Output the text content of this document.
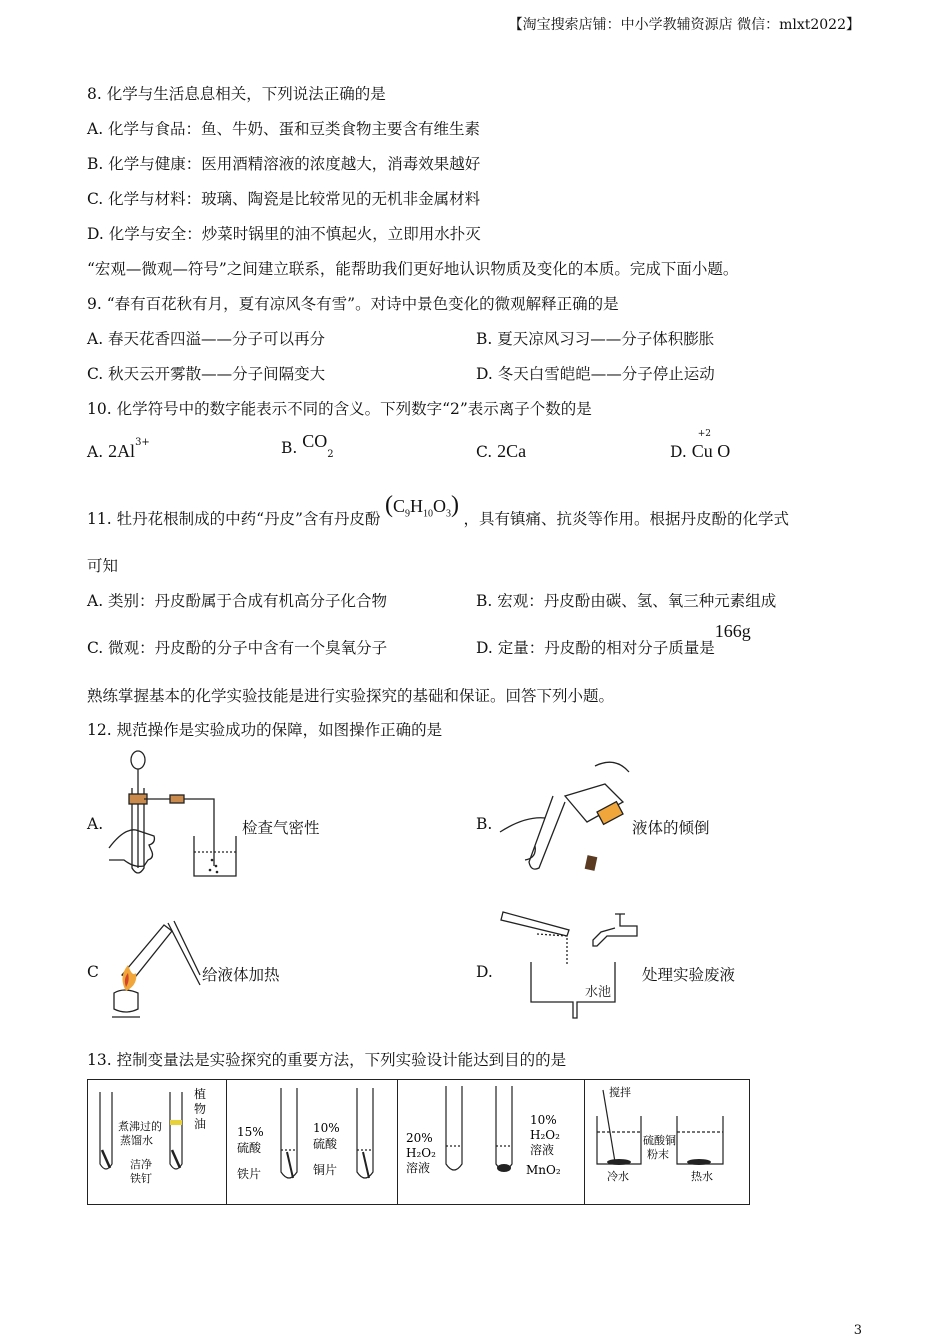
【淘宝搜索店铺：中小学教辅资源店 微信：mlxt2022】
8. 化学与生活息息相关，下列说法正确的是
A. 化学与食品：鱼、牛奶、蛋和豆类食物主要含有维生素
B. 化学与健康：医用酒精溶液的浓度越大，消毒效果越好
C. 化学与材料：玻璃、陶瓷是比较常见的无机非金属材料
D. 化学与安全：炒菜时锅里的油不慎起火，立即用水扑灭
“宏观—微观—符号”之间建立联系，能帮助我们更好地认识物质及变化的本质。完成下面小题。
9. “春有百花秋有月，夏有凉风冬有雪”。对诗中景色变化的微观解释正确的是
A. 春天花香四溢——分子可以再分	B. 夏天凉风习习——分子体积膨胀
C. 秋天云开雾散——分子间隔变大	D. 冬天白雪皑皑——分子停止运动
10. 化学符号中的数字能表示不同的含义。下列数字“2”表示离子个数的是
A. $2Al^{3+}$	B. $CO_2$	C. 2Ca	D.
+2
Cu O
11. 牡丹花根制成的中药“丹皮”含有丹皮酚 $(C_9H_{10}O_3)$ ，具有镇痛、抗炎等作用。根据丹皮酚的化学式
可知
A. 类别：丹皮酚属于合成有机高分子化合物	B. 宏观：丹皮酚由碳、氢、氧三种元素组成
C. 微观：丹皮酚的分子中含有一个臭氧分子	D. 定量：丹皮酚的相对分子质量是166g
熟练掌握基本的化学实验技能是进行实验探究的基础和保证。回答下列小题。
12. 规范操作是实验成功的保障，如图操作正确的是
A.	检查气密性	B.	液体的倾倒
C	给液体加热	D.
水池
处理实验废液
13. 控制变量法是实验探究的重要方法，下列实验设计能达到目的的是
植
物
油
煮沸过的
蒸馏水
洁净
铁钉

15%
硫酸
10%
硫酸
铁片	铜片

20%
H₂O₂
溶液
10%
H₂O₂
溶液
MnO₂

搅拌
硫酸铜
粉末
冷水	热水
3
